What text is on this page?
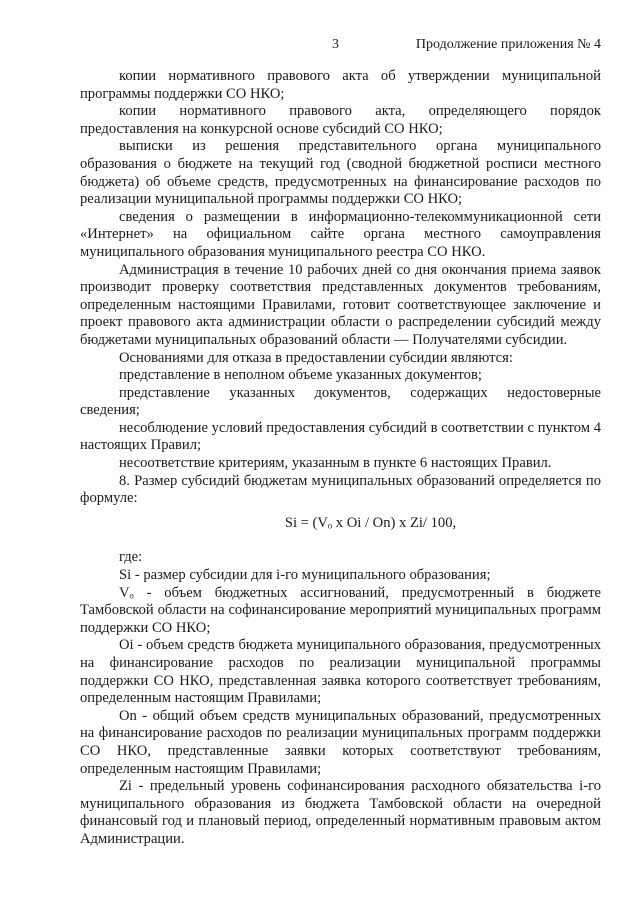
3	Продолжение приложения № 4

копии нормативного правового акта об утверждении муниципальной программы поддержки СО НКО;

копии нормативного правового акта, определяющего порядок предоставления на конкурсной основе субсидий СО НКО;

выписки из решения представительного органа муниципального образования о бюджете на текущий год (сводной бюджетной росписи местного бюджета) об объеме средств, предусмотренных на финансирование расходов по реализации муниципальной программы поддержки СО НКО;

сведения о размещении в информационно-телекоммуникационной сети «Интернет» на официальном сайте органа местного самоуправления муниципального образования муниципального реестра СО НКО.

Администрация в течение 10 рабочих дней со дня окончания приема заявок производит проверку соответствия представленных документов требованиям, определенным настоящими Правилами, готовит соответствующее заключение и проект правового акта администрации области о распределении субсидий между бюджетами муниципальных образований области — Получателями субсидии.

Основаниями для отказа в предоставлении субсидии являются:

представление в неполном объеме указанных документов;

представление указанных документов, содержащих недостоверные сведения;

несоблюдение условий предоставления субсидий в соответствии с пунктом 4 настоящих Правил;

несоответствие критериям, указанным в пункте 6 настоящих Правил.

8. Размер субсидий бюджетам муниципальных образований определяется по формуле:

Si = (Vₒ x Oi / On) x Zi/ 100,

где:

Si - размер субсидии для i-го муниципального образования;

Vₒ - объем бюджетных ассигнований, предусмотренный в бюджете Тамбовской области на софинансирование мероприятий муниципальных программ поддержки СО НКО;

Oi - объем средств бюджета муниципального образования, предусмотренных на финансирование расходов по реализации муниципальной программы поддержки СО НКО, представленная заявка которого соответствует требованиям, определенным настоящим Правилами;

On - общий объем средств муниципальных образований, предусмотренных на финансирование расходов по реализации муниципальных программ поддержки СО НКО, представленные заявки которых соответствуют требованиям, определенным настоящим Правилами;

Zi - предельный уровень софинансирования расходного обязательства i-го муниципального образования из бюджета Тамбовской области на очередной финансовый год и плановый период, определенный нормативным правовым актом Администрации.
